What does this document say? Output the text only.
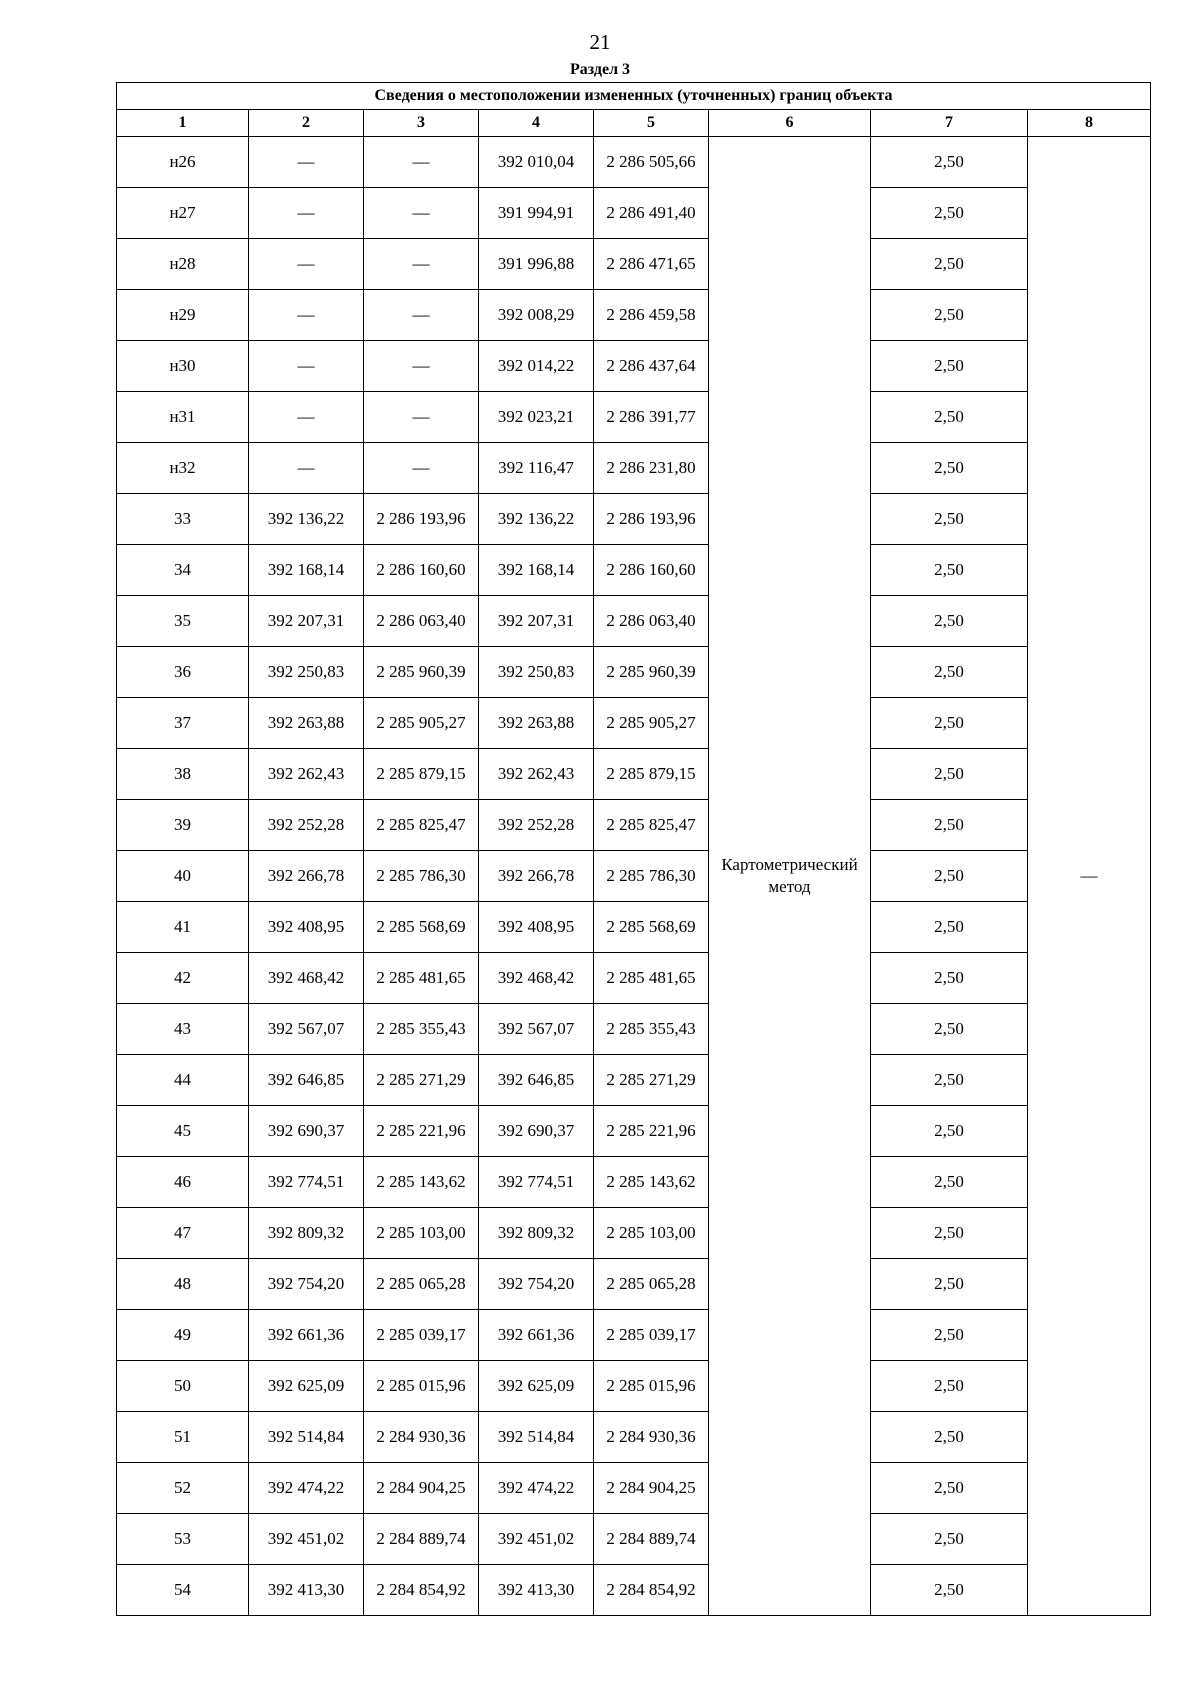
21
Раздел 3
Сведения о местоположении измененных (уточненных) границ объекта							
1	2	3	4	5	6	7	8
н26	—	—	392 010,04	2 286 505,66	Картометрический метод	2,50	—
н27	—	—	391 994,91	2 286 491,40		2,50	
н28	—	—	391 996,88	2 286 471,65		2,50	
н29	—	—	392 008,29	2 286 459,58		2,50	
н30	—	—	392 014,22	2 286 437,64		2,50	
н31	—	—	392 023,21	2 286 391,77		2,50	
н32	—	—	392 116,47	2 286 231,80		2,50	
33	392 136,22	2 286 193,96	392 136,22	2 286 193,96		2,50	
34	392 168,14	2 286 160,60	392 168,14	2 286 160,60		2,50	
35	392 207,31	2 286 063,40	392 207,31	2 286 063,40		2,50	
36	392 250,83	2 285 960,39	392 250,83	2 285 960,39		2,50	
37	392 263,88	2 285 905,27	392 263,88	2 285 905,27		2,50	
38	392 262,43	2 285 879,15	392 262,43	2 285 879,15		2,50	
39	392 252,28	2 285 825,47	392 252,28	2 285 825,47		2,50	
40	392 266,78	2 285 786,30	392 266,78	2 285 786,30		2,50	
41	392 408,95	2 285 568,69	392 408,95	2 285 568,69		2,50	
42	392 468,42	2 285 481,65	392 468,42	2 285 481,65		2,50	
43	392 567,07	2 285 355,43	392 567,07	2 285 355,43		2,50	
44	392 646,85	2 285 271,29	392 646,85	2 285 271,29		2,50	
45	392 690,37	2 285 221,96	392 690,37	2 285 221,96		2,50	
46	392 774,51	2 285 143,62	392 774,51	2 285 143,62		2,50	
47	392 809,32	2 285 103,00	392 809,32	2 285 103,00		2,50	
48	392 754,20	2 285 065,28	392 754,20	2 285 065,28		2,50	
49	392 661,36	2 285 039,17	392 661,36	2 285 039,17		2,50	
50	392 625,09	2 285 015,96	392 625,09	2 285 015,96		2,50	
51	392 514,84	2 284 930,36	392 514,84	2 284 930,36		2,50	
52	392 474,22	2 284 904,25	392 474,22	2 284 904,25		2,50	
53	392 451,02	2 284 889,74	392 451,02	2 284 889,74		2,50	
54	392 413,30	2 284 854,92	392 413,30	2 284 854,92		2,50	
